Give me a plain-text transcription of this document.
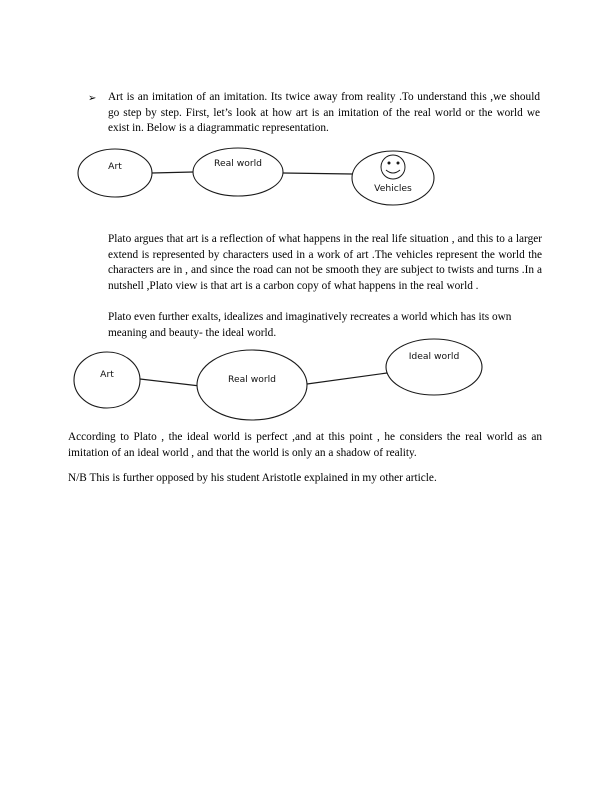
➢ Art is an imitation of an imitation. Its twice away from reality .To understand this ,we should go step by step. First, let’s look at how art is an imitation of the real world or the world we exist in. Below is a diagrammatic representation.
Art	Real world
Vehicles
Plato argues that art is a reflection of what happens in the real life situation , and this to a larger extend is represented by characters used in a work of art .The vehicles represent the world the characters are in , and since the road can not be smooth they are subject to twists and turns .In a nutshell ,Plato view is that art is a carbon copy of what happens in the real world .
Plato even further exalts, idealizes and imaginatively recreates a world which has its own meaning and beauty- the ideal world.
Art	Real world
Ideal world
According to Plato , the ideal world is perfect ,and at this point , he considers the real world as an imitation of an ideal world , and that the world is only an a shadow of reality.
N/B This is further opposed by his student Aristotle explained in my other article.
